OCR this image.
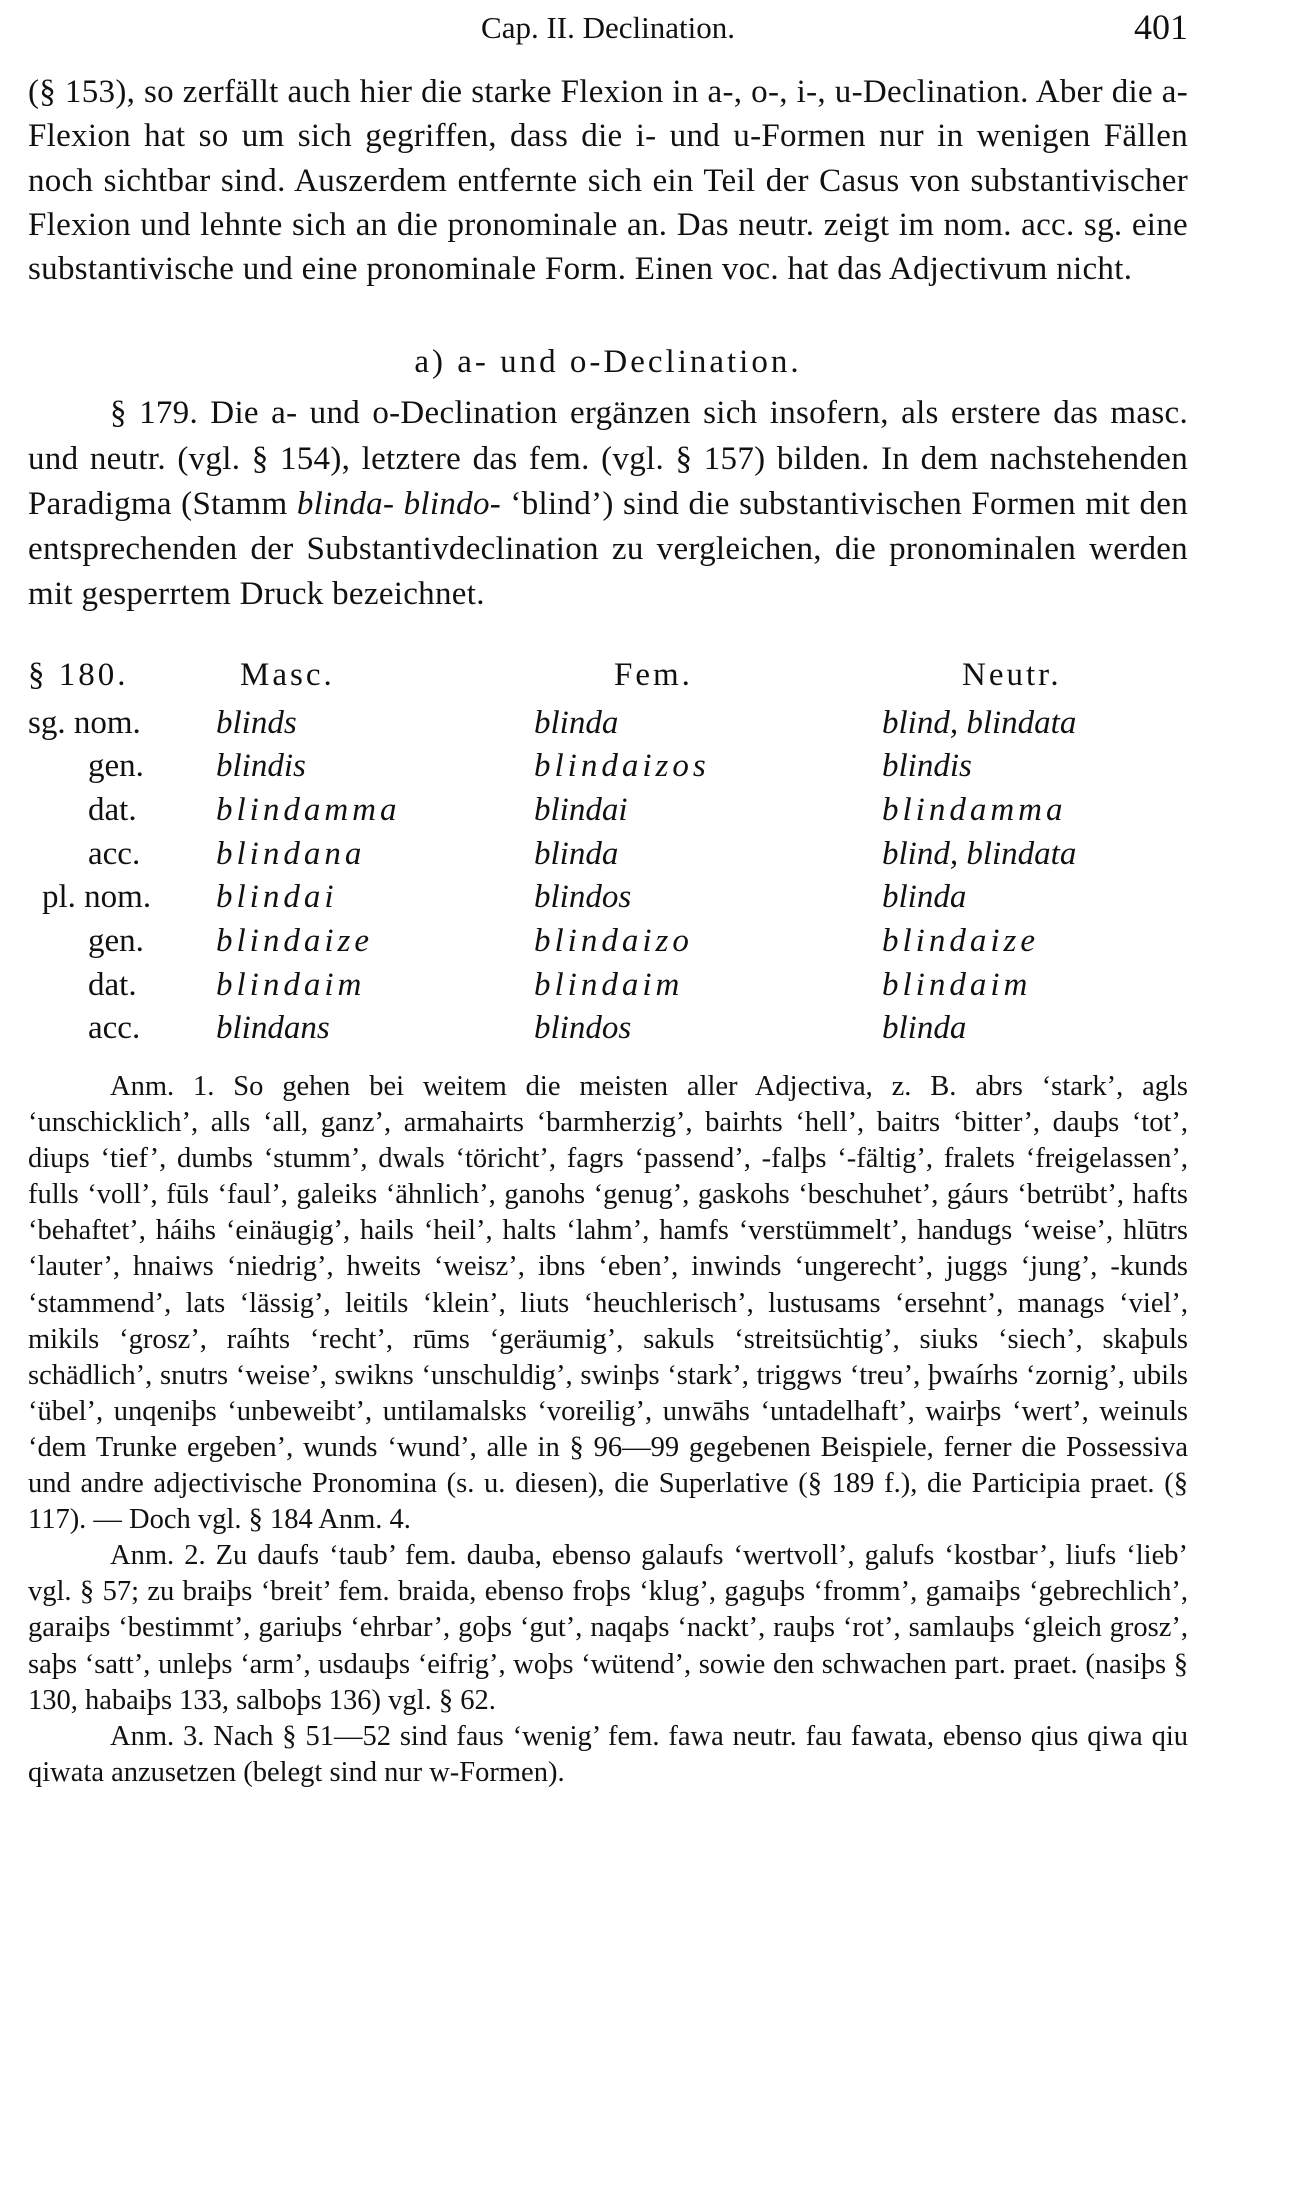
Cap. II. Declination.	401

(§ 153), so zerfällt auch hier die starke Flexion in a-, o-, i-, u-Declination. Aber die a-Flexion hat so um sich gegriffen, dass die i- und u-Formen nur in wenigen Fällen noch sichtbar sind. Auszerdem entfernte sich ein Teil der Casus von substantivischer Flexion und lehnte sich an die pronominale an. Das neutr. zeigt im nom. acc. sg. eine substantivische und eine pronominale Form. Einen voc. hat das Adjectivum nicht.

a) a- und o-Declination.

§ 179. Die a- und o-Declination ergänzen sich insofern, als erstere das masc. und neutr. (vgl. § 154), letztere das fem. (vgl. § 157) bilden. In dem nachstehenden Paradigma (Stamm blinda- blindo- ‘blind’) sind die substantivischen Formen mit den entsprechenden der Substantivdeclination zu vergleichen, die pronominalen werden mit gesperrtem Druck bezeichnet.

§ 180.	Masc.	Fem.	Neutr.
sg. nom.	blinds	blinda	blind, blindata
gen.	blindis	blindaizos	blindis
dat.	blindamma	blindai	blindamma
acc.	blindana	blinda	blind, blindata
pl. nom.	blindai	blindos	blinda
gen.	blindaize	blindaizo	blindaize
dat.	blindaim	blindaim	blindaim
acc.	blindans	blindos	blinda

Anm. 1. So gehen bei weitem die meisten aller Adjectiva, z. B. abrs ‘stark’, agls ‘unschicklich’, alls ‘all, ganz’, armahairts ‘barmherzig’, bairhts ‘hell’, baitrs ‘bitter’, dauþs ‘tot’, diups ‘tief’, dumbs ‘stumm’, dwals ‘töricht’, fagrs ‘passend’, -falþs ‘-fältig’, fralets ‘freigelassen’, fulls ‘voll’, fūls ‘faul’, galeiks ‘ähnlich’, ganohs ‘genug’, gaskohs ‘beschuhet’, gáurs ‘betrübt’, hafts ‘behaftet’, háihs ‘einäugig’, hails ‘heil’, halts ‘lahm’, hamfs ‘verstümmelt’, handugs ‘weise’, hlūtrs ‘lauter’, hnaiws ‘niedrig’, hweits ‘weisz’, ibns ‘eben’, inwinds ‘ungerecht’, juggs ‘jung’, -kunds ‘stammend’, lats ‘lässig’, leitils ‘klein’, liuts ‘heuchlerisch’, lustusams ‘ersehnt’, manags ‘viel’, mikils ‘grosz’, raíhts ‘recht’, rūms ‘geräumig’, sakuls ‘streitsüchtig’, siuks ‘siech’, skaþuls schädlich’, snutrs ‘weise’, swikns ‘unschuldig’, swinþs ‘stark’, triggws ‘treu’, þwaírhs ‘zornig’, ubils ‘übel’, unqeniþs ‘unbeweibt’, untilamalsks ‘voreilig’, unwāhs ‘untadelhaft’, wairþs ‘wert’, weinuls ‘dem Trunke ergeben’, wunds ‘wund’, alle in § 96—99 gegebenen Beispiele, ferner die Possessiva und andre adjectivische Pronomina (s. u. diesen), die Superlative (§ 189 f.), die Participia praet. (§ 117). — Doch vgl. § 184 Anm. 4.

Anm. 2. Zu daufs ‘taub’ fem. dauba, ebenso galaufs ‘wertvoll’, galufs ‘kostbar’, liufs ‘lieb’ vgl. § 57; zu braiþs ‘breit’ fem. braida, ebenso froþs ‘klug’, gaguþs ‘fromm’, gamaiþs ‘gebrechlich’, garaiþs ‘bestimmt’, gariuþs ‘ehrbar’, goþs ‘gut’, naqaþs ‘nackt’, rauþs ‘rot’, samlauþs ‘gleich grosz’, saþs ‘satt’, unleþs ‘arm’, usdauþs ‘eifrig’, woþs ‘wütend’, sowie den schwachen part. praet. (nasiþs § 130, habaiþs 133, salboþs 136) vgl. § 62.

Anm. 3. Nach § 51—52 sind faus ‘wenig’ fem. fawa neutr. fau fawata, ebenso qius qiwa qiu qiwata anzusetzen (belegt sind nur w-Formen).
